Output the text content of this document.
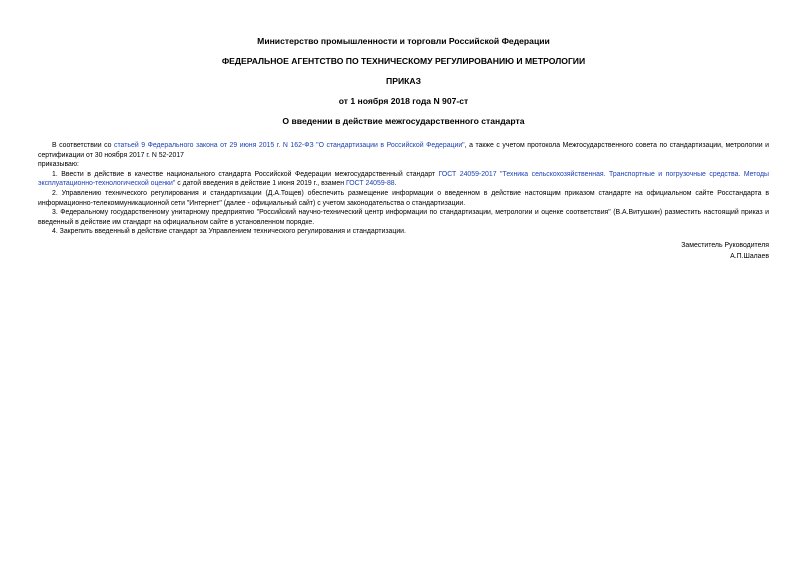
Министерство промышленности и торговли Российской Федерации

ФЕДЕРАЛЬНОЕ АГЕНТСТВО ПО ТЕХНИЧЕСКОМУ РЕГУЛИРОВАНИЮ И МЕТРОЛОГИИ

ПРИКАЗ

от 1 ноября 2018 года N 907-ст

О введении в действие межгосударственного стандарта

В соответствии со статьей 9 Федерального закона от 29 июня 2015 г. N 162-ФЗ "О стандартизации в Российской Федерации", а также с учетом протокола Межгосударственного совета по стандартизации, метрологии и сертификации от 30 ноября 2017 г. N 52-2017

приказываю:

1. Ввести в действие в качестве национального стандарта Российской Федерации межгосударственный стандарт ГОСТ 24059-2017 "Техника сельскохозяйственная. Транспортные и погрузочные средства. Методы эксплуатационно-технологической оценки" с датой введения в действие 1 июня 2019 г., взамен ГОСТ 24059-88.

2. Управлению технического регулирования и стандартизации (Д.А.Тощев) обеспечить размещение информации о введенном в действие настоящим приказом стандарте на официальном сайте Росстандарта в информационно-телекоммуникационной сети "Интернет" (далее - официальный сайт) с учетом законодательства о стандартизации.

3. Федеральному государственному унитарному предприятию "Российский научно-технический центр информации по стандартизации, метрологии и оценке соответствия" (В.А.Витушкин) разместить настоящий приказ и введенный в действие им стандарт на официальном сайте в установленном порядке.

4. Закрепить введенный в действие стандарт за Управлением технического регулирования и стандартизации.

Заместитель Руководителя
А.П.Шалаев
